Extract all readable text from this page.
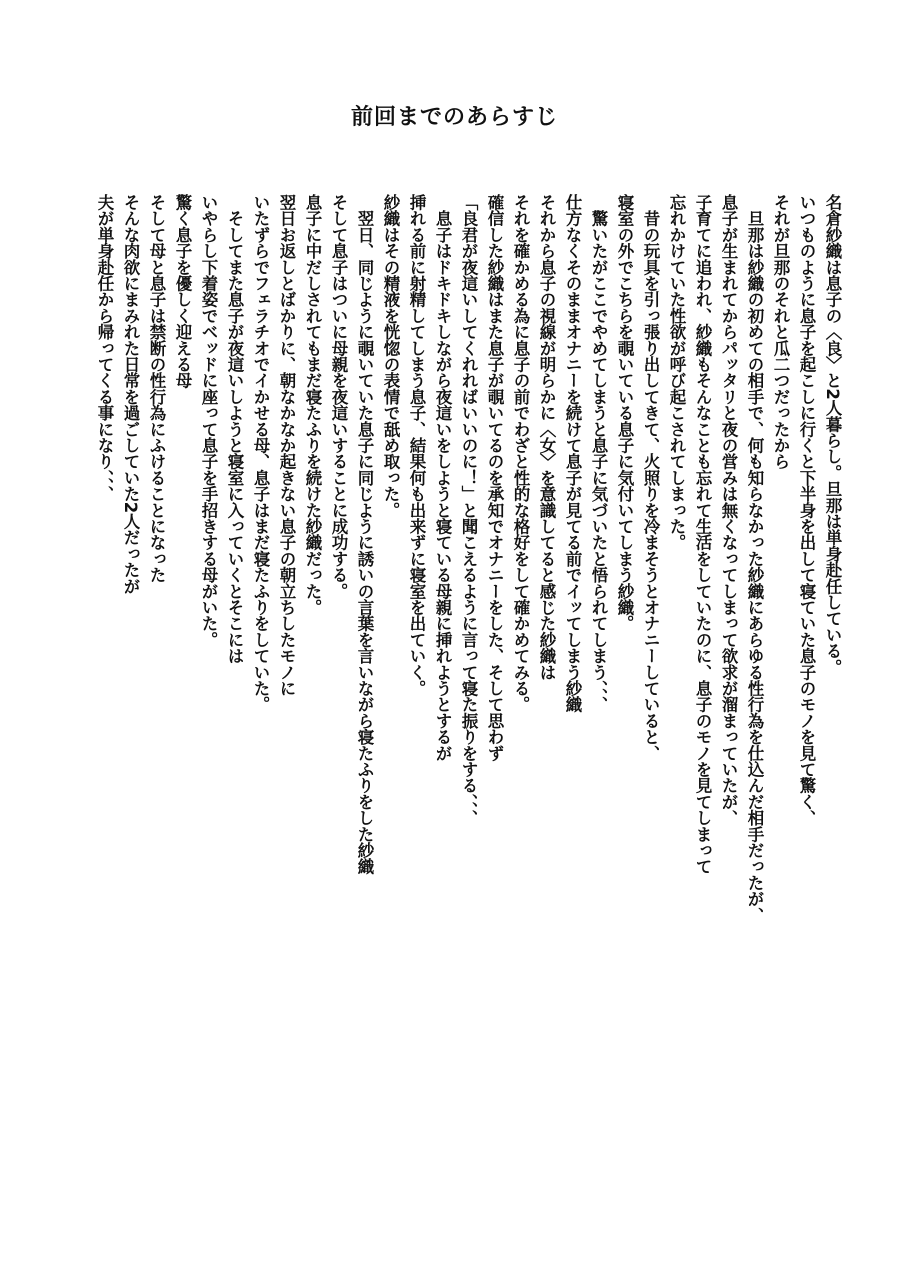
前回までのあらすじ
名倉紗織は息子の〈良〉と2人暮らし。旦那は単身赴任している。
いつものように息子を起こしに行くと下半身を出して寝ていた息子のモノを見て驚く、
それが旦那のそれと瓜二つだったから
　旦那は紗織の初めての相手で、何も知らなかった紗織にあらゆる性行為を仕込んだ相手だったが、
息子が生まれてからパッタリと夜の営みは無くなってしまって欲求が溜まっていたが、
子育てに追われ、紗織もそんなことも忘れて生活をしていたのに、息子のモノを見てしまって
忘れかけていた性欲が呼び起こされてしまった。
　昔の玩具を引っ張り出してきて、火照りを冷まそうとオナニーしていると、
寝室の外でこちらを覗いている息子に気付いてしまう紗織。
　驚いたがここでやめてしまうと息子に気づいたと悟られてしまう、、、
仕方なくそのままオナニーを続けて息子が見てる前でイッてしまう紗織
それから息子の視線が明らかに〈女〉を意識してると感じた紗織は
それを確かめる為に息子の前でわざと性的な格好をして確かめてみる。
確信した紗織はまた息子が覗いてるのを承知でオナニーをした、そして思わず
「良君が夜這いしてくれればいいのに！」と聞こえるように言って寝た振りをする、、、
　息子はドキドキしながら夜這いをしようと寝ている母親に挿れようとするが
挿れる前に射精してしまう息子、結果何も出来ずに寝室を出ていく。
紗織はその精液を恍惚の表情で舐め取った。
　翌日、同じように覗いていた息子に同じように誘いの言葉を言いながら寝たふりをした紗織
そして息子はついに母親を夜這いすることに成功する。
息子に中だしされてもまだ寝たふりを続けた紗織だった。
翌日お返しとばかりに、朝なかなか起きない息子の朝立ちしたモノに
いたずらでフェラチオでイかせる母、息子はまだ寝たふりをしていた。
　そしてまた息子が夜這いしようと寝室に入っていくとそこには
いやらし下着姿でベッドに座って息子を手招きする母がいた。
驚く息子を優しく迎える母
そして母と息子は禁断の性行為にふけることになった
そんな肉欲にまみれた日常を過ごしていた2人だったが
夫が単身赴任から帰ってくる事になり、、、
